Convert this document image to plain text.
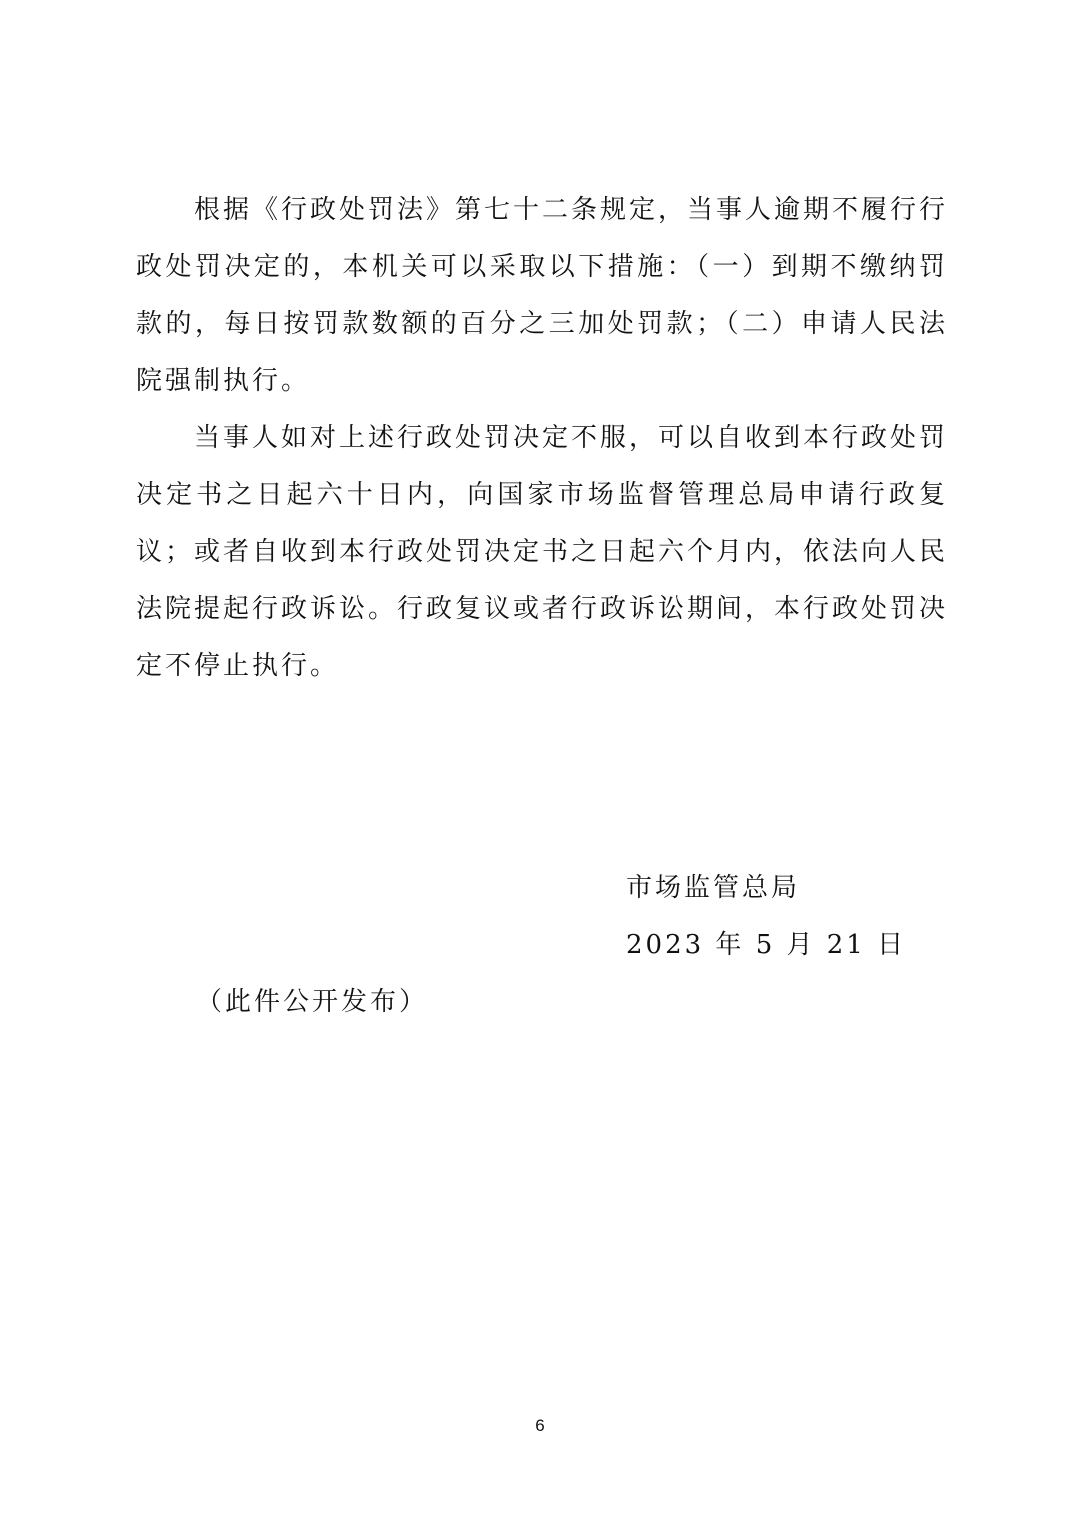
根据《行政处罚法》第七十二条规定，当事人逾期不履行行政处罚决定的，本机关可以采取以下措施：（一）到期不缴纳罚款的，每日按罚款数额的百分之三加处罚款；（二）申请人民法院强制执行。

当事人如对上述行政处罚决定不服，可以自收到本行政处罚决定书之日起六十日内，向国家市场监督管理总局申请行政复议；或者自收到本行政处罚决定书之日起六个月内，依法向人民法院提起行政诉讼。行政复议或者行政诉讼期间，本行政处罚决定不停止执行。

市场监管总局
2023 年 5 月 21 日
（此件公开发布）
6
